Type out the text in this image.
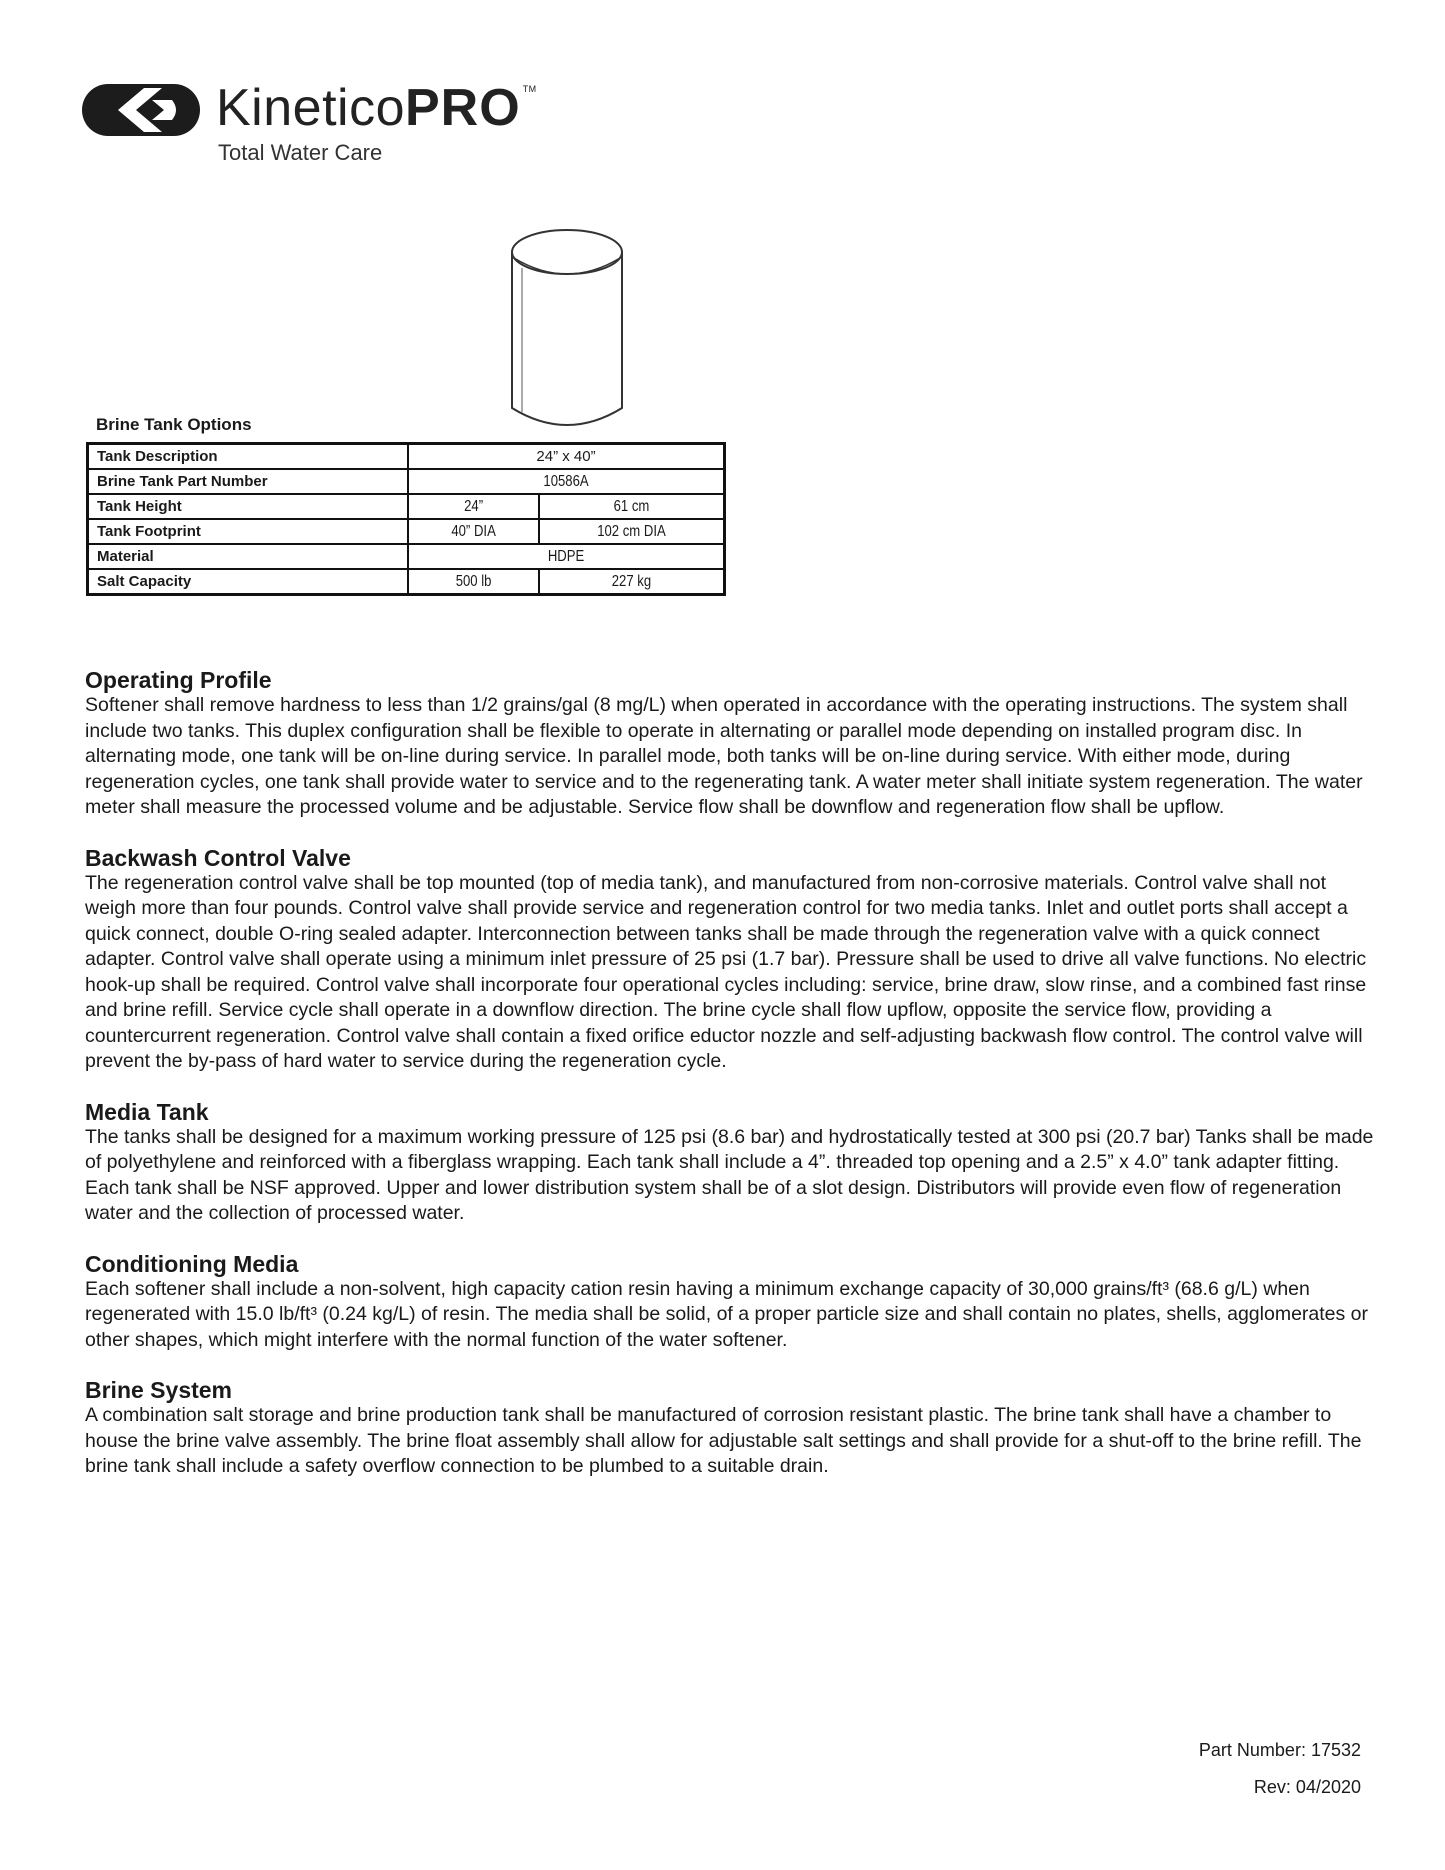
KineticoPRO ™
Total Water Care
Brine Tank Options
Tank Description	24” x 40”	
Brine Tank Part Number	10586A	
Tank Height	24”	61 cm
Tank Footprint	40” DIA	102 cm DIA
Material	HDPE	
Salt Capacity	500 lb	227 kg
Operating Profile

Softener shall remove hardness to less than 1/2 grains/gal (8 mg/L) when operated in accordance with the operating instructions. The system shall include two tanks. This duplex configuration shall be flexible to operate in alternating or parallel mode depending on installed program disc. In alternating mode, one tank will be on-line during service. In parallel mode, both tanks will be on-line during service. With either mode, during regeneration cycles, one tank shall provide water to service and to the regenerating tank. A water meter shall initiate system regeneration. The water meter shall measure the processed volume and be adjustable. Service flow shall be downflow and regeneration flow shall be upflow.

Backwash Control Valve

The regeneration control valve shall be top mounted (top of media tank), and manufactured from non-corrosive materials. Control valve shall not weigh more than four pounds. Control valve shall provide service and regeneration control for two media tanks. Inlet and outlet ports shall accept a quick connect, double O-ring sealed adapter. Interconnection between tanks shall be made through the regeneration valve with a quick connect adapter. Control valve shall operate using a minimum inlet pressure of 25 psi (1.7 bar). Pressure shall be used to drive all valve functions. No electric hook-up shall be required. Control valve shall incorporate four operational cycles including: service, brine draw, slow rinse, and a combined fast rinse and brine refill. Service cycle shall operate in a downflow direction. The brine cycle shall flow upflow, opposite the service flow, providing a countercurrent regeneration. Control valve shall contain a fixed orifice eductor nozzle and self-adjusting backwash flow control. The control valve will prevent the by-pass of hard water to service during the regeneration cycle.

Media Tank

The tanks shall be designed for a maximum working pressure of 125 psi (8.6 bar) and hydrostatically tested at 300 psi (20.7 bar) Tanks shall be made of polyethylene and reinforced with a fiberglass wrapping. Each tank shall include a 4”. threaded top opening and a 2.5” x 4.0” tank adapter fitting. Each tank shall be NSF approved. Upper and lower distribution system shall be of a slot design. Distributors will provide even flow of regeneration water and the collection of processed water.

Conditioning Media

Each softener shall include a non-solvent, high capacity cation resin having a minimum exchange capacity of 30,000 grains/ft³ (68.6 g/L) when regenerated with 15.0 lb/ft³ (0.24 kg/L) of resin. The media shall be solid, of a proper particle size and shall contain no plates, shells, agglomerates or other shapes, which might interfere with the normal function of the water softener.

Brine System

A combination salt storage and brine production tank shall be manufactured of corrosion resistant plastic. The brine tank shall have a chamber to house the brine valve assembly. The brine float assembly shall allow for adjustable salt settings and shall provide for a shut-off to the brine refill. The brine tank shall include a safety overflow connection to be plumbed to a suitable drain.

Part Number: 17532
Rev: 04/2020
